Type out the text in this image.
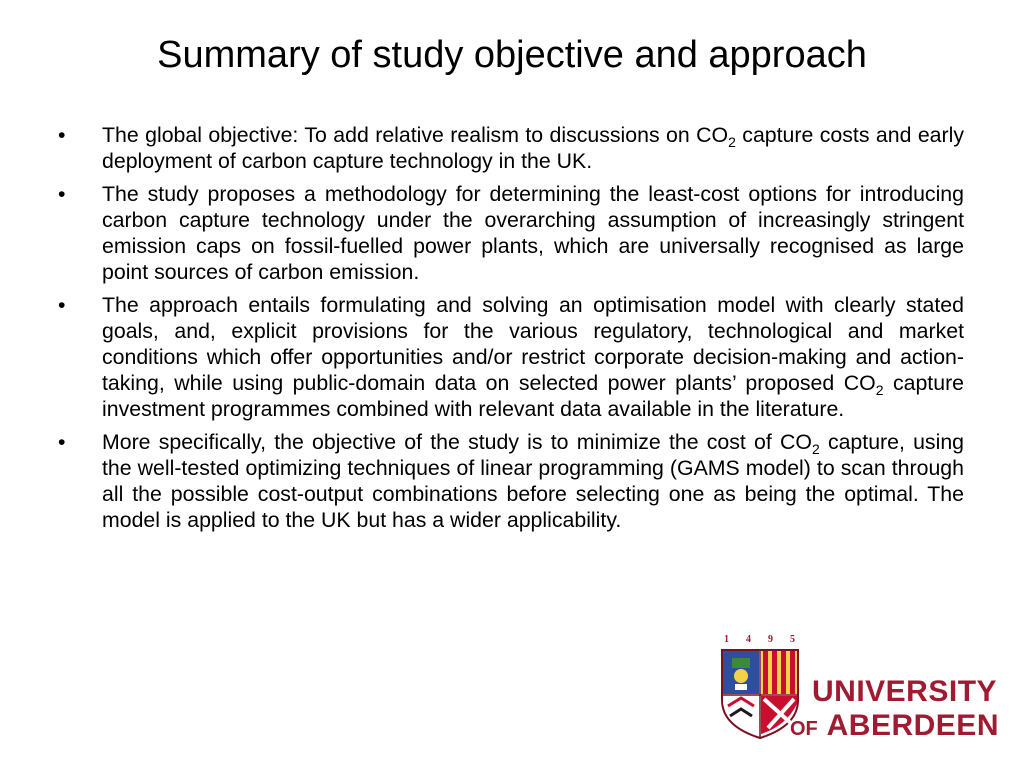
Summary of study objective and approach
•	The global objective: To add relative realism to discussions on $CO_2$ capture costs and early deployment of carbon capture technology in the UK.
•	The study proposes a methodology for determining the least-cost options for introducing carbon capture technology under the overarching assumption of increasingly stringent emission caps on fossil-fuelled power plants, which are universally recognised as large point sources of carbon emission.
•	The approach entails formulating and solving an optimisation model with clearly stated goals, and, explicit provisions for the various regulatory, technological and market conditions which offer opportunities and/or restrict corporate decision-making and action-taking, while using public-domain data on selected power plants’ proposed $CO_2$ capture investment programmes combined with relevant data available in the literature.
•	More specifically, the objective of the study is to minimize the cost of $CO_2$ capture, using the well-tested optimizing techniques of linear programming (GAMS model) to scan through all the possible cost-output combinations before selecting one as being the optimal. The model is applied to the UK but has a wider applicability.
1 4 9 5
UNIVERSITY
OF ABERDEEN
